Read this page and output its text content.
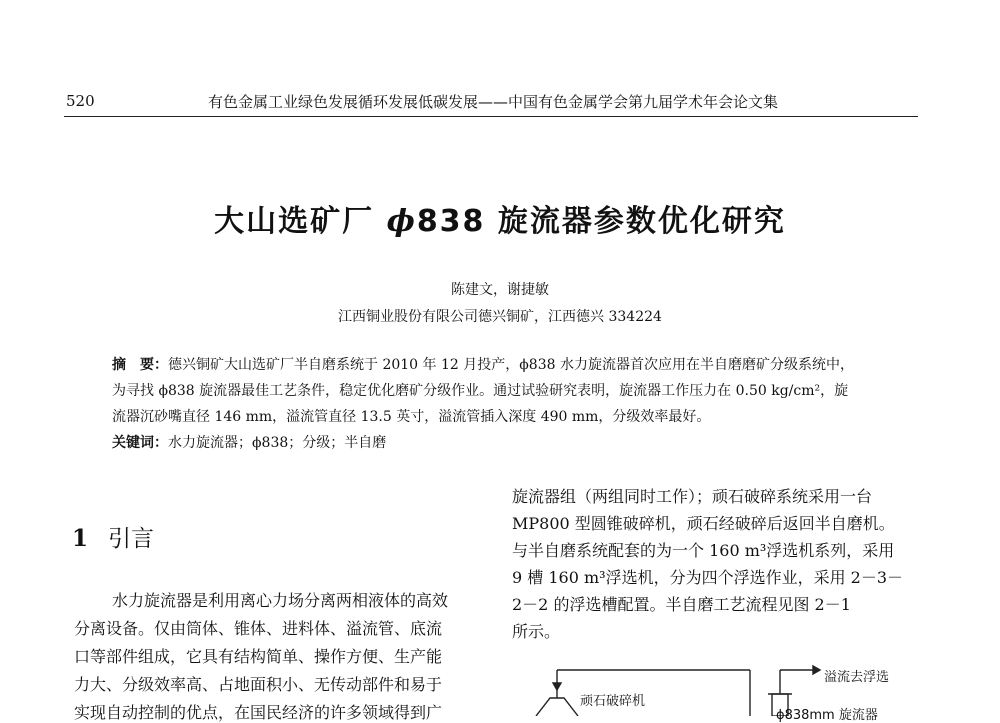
520	有色金属工业绿色发展循环发展低碳发展——中国有色金属学会第九届学术年会论文集
大山选矿厂 ϕ838 旋流器参数优化研究
陈建文，谢捷敏
江西铜业股份有限公司德兴铜矿，江西德兴 334224
摘　要：德兴铜矿大山选矿厂半自磨系统于 2010 年 12 月投产，ϕ838 水力旋流器首次应用在半自磨磨矿分级系统中，
为寻找 ϕ838 旋流器最佳工艺条件，稳定优化磨矿分级作业。通过试验研究表明，旋流器工作压力在 0.50 kg/cm²，旋
流器沉砂嘴直径 146 mm，溢流管直径 13.5 英寸，溢流管插入深度 490 mm，分级效率最好。
关键词：水力旋流器；ϕ838；分级；半自磨
1 引言
水力旋流器是利用离心力场分离两相液体的高效
分离设备。仅由筒体、锥体、进料体、溢流管、底流
口等部件组成，它具有结构简单、操作方便、生产能
力大、分级效率高、占地面积小、无传动部件和易于
实现自动控制的优点，在国民经济的许多领域得到广
旋流器组（两组同时工作）；顽石破碎系统采用一台
MP800 型圆锥破碎机，顽石经破碎后返回半自磨机。
与半自磨系统配套的为一个 160 m³浮选机系列，采用
9 槽 160 m³浮选机，分为四个浮选作业，采用 2－3－
2－2 的浮选槽配置。半自磨工艺流程见图 2－1
所示。
顽石破碎机
溢流去浮选
ϕ838mm 旋流器
